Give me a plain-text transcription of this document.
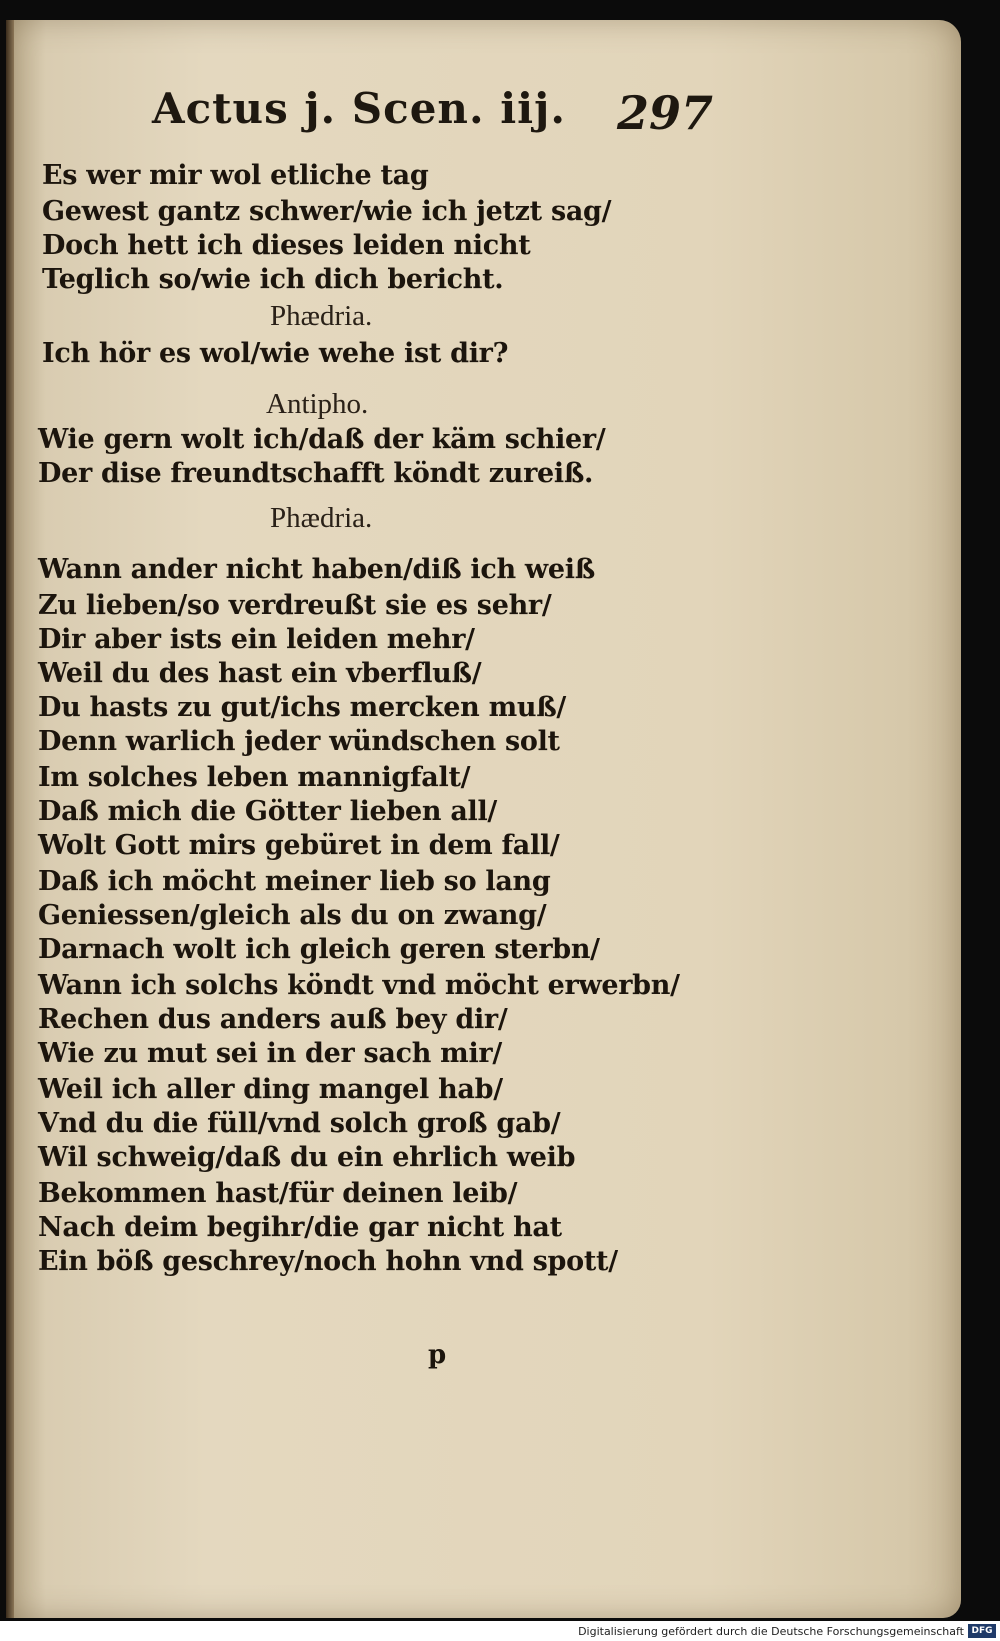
Actus j. Scen. iij. 297
Es wer mir wol etliche tag
Gewest gantz schwer/wie ich jetzt sag/
Doch hett ich dieses leiden nicht
Teglich so/wie ich dich bericht.
Phædria.
Ich hör es wol/wie wehe ist dir?
Antipho.
Wie gern wolt ich/daß der käm schier/
Der dise freundtschafft köndt zureiß.
Phædria.
Wann ander nicht haben/diß ich weiß
Zu lieben/so verdreußt sie es sehr/
Dir aber ists ein leiden mehr/
Weil du des hast ein vberfluß/
Du hasts zu gut/ichs mercken muß/
Denn warlich jeder wündschen solt
Im solches leben mannigfalt/
Daß mich die Götter lieben all/
Wolt Gott mirs gebüret in dem fall/
Daß ich möcht meiner lieb so lang
Geniessen/gleich als du on zwang/
Darnach wolt ich gleich geren sterbn/
Wann ich solchs köndt vnd möcht erwerbn/
Rechen dus anders auß bey dir/
Wie zu mut sei in der sach mir/
Weil ich aller ding mangel hab/
Vnd du die füll/vnd solch groß gab/
Wil schweig/daß du ein ehrlich weib
Bekommen hast/für deinen leib/
Nach deim begihr/die gar nicht hat
Ein böß geschrey/noch hohn vnd spott/
p
Digitalisierung gefördert durch die Deutsche Forschungsgemeinschaft DFG
